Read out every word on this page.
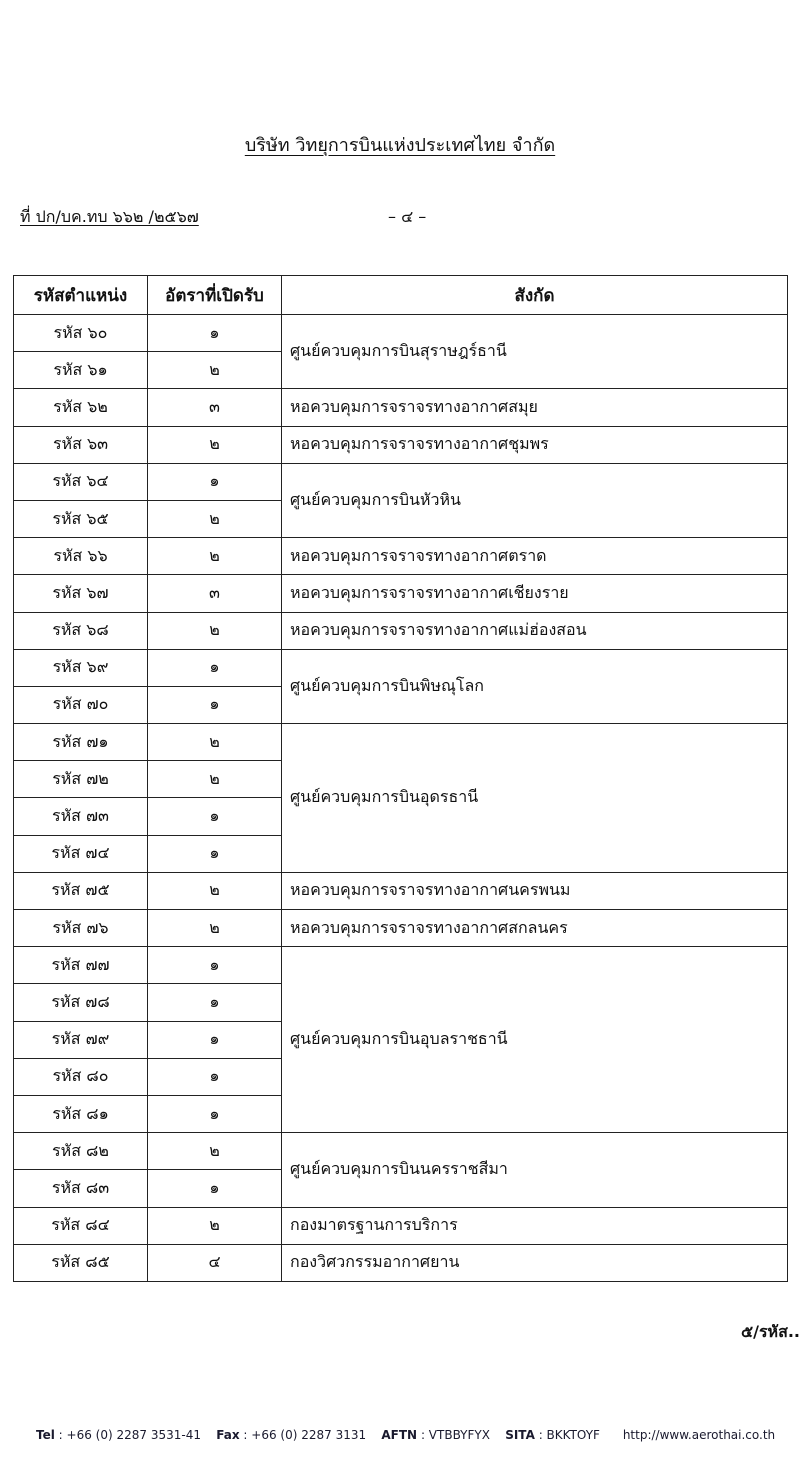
บริษัท วิทยุการบินแห่งประเทศไทย จำกัด
ที่ ปก/บค.ทบ ๖๖๒ /๒๕๖๗	– ๔ –
รหัสตำแหน่ง	อัตราที่เปิดรับ	สังกัด
รหัส ๖๐	๑	ศูนย์ควบคุมการบินสุราษฎร์ธานี
รหัส ๖๑	๒	
รหัส ๖๒	๓	หอควบคุมการจราจรทางอากาศสมุย
รหัส ๖๓	๒	หอควบคุมการจราจรทางอากาศชุมพร
รหัส ๖๔	๑	ศูนย์ควบคุมการบินหัวหิน
รหัส ๖๕	๒	
รหัส ๖๖	๒	หอควบคุมการจราจรทางอากาศตราด
รหัส ๖๗	๓	หอควบคุมการจราจรทางอากาศเชียงราย
รหัส ๖๘	๒	หอควบคุมการจราจรทางอากาศแม่ฮ่องสอน
รหัส ๖๙	๑	ศูนย์ควบคุมการบินพิษณุโลก
รหัส ๗๐	๑	
รหัส ๗๑	๒	ศูนย์ควบคุมการบินอุดรธานี
รหัส ๗๒	๒	
รหัส ๗๓	๑	
รหัส ๗๔	๑	
รหัส ๗๕	๒	หอควบคุมการจราจรทางอากาศนครพนม
รหัส ๗๖	๒	หอควบคุมการจราจรทางอากาศสกลนคร
รหัส ๗๗	๑	ศูนย์ควบคุมการบินอุบลราชธานี
รหัส ๗๘	๑	
รหัส ๗๙	๑	
รหัส ๘๐	๑	
รหัส ๘๑	๑	
รหัส ๘๒	๒	ศูนย์ควบคุมการบินนครราชสีมา
รหัส ๘๓	๑	
รหัส ๘๔	๒	กองมาตรฐานการบริการ
รหัส ๘๕	๔	กองวิศวกรรมอากาศยาน
๕/รหัส..
Tel : +66 (0) 2287 3531-41 Fax : +66 (0) 2287 3131 AFTN : VTBBYFYX SITA : BKKTOYF http://www.aerothai.co.th
